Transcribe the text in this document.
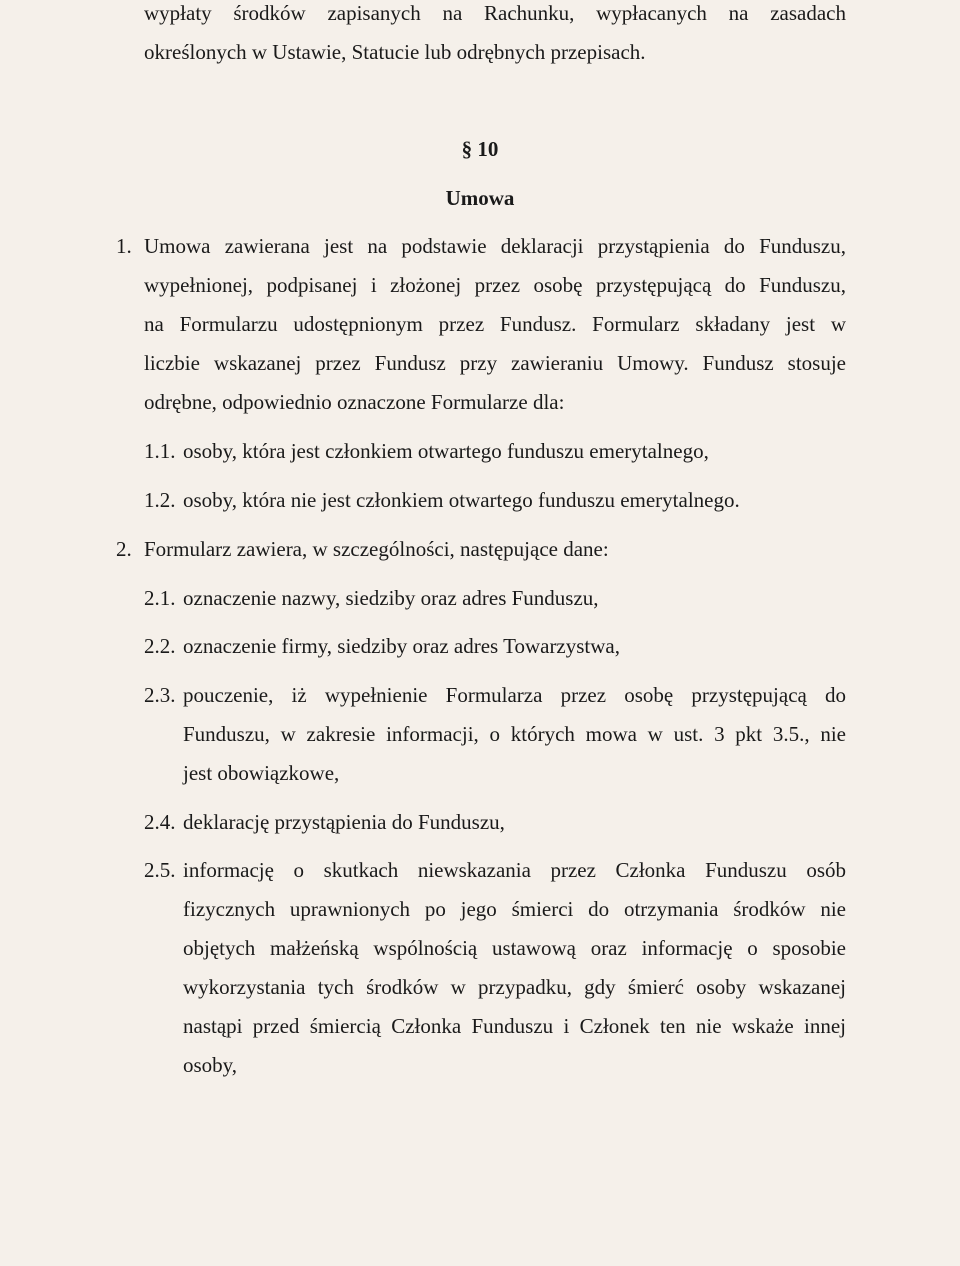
wypłaty środków zapisanych na Rachunku, wypłacanych na zasadach
określonych w Ustawie, Statucie lub odrębnych przepisach.
§ 10
Umowa
1. Umowa zawierana jest na podstawie deklaracji przystąpienia do Funduszu,
wypełnionej, podpisanej i złożonej przez osobę przystępującą do Funduszu,
na Formularzu udostępnionym przez Fundusz. Formularz składany jest w
liczbie wskazanej przez Fundusz przy zawieraniu Umowy. Fundusz stosuje
odrębne, odpowiednio oznaczone Formularze dla:
1.1. osoby, która jest członkiem otwartego funduszu emerytalnego,
1.2. osoby, która nie jest członkiem otwartego funduszu emerytalnego.
2. Formularz zawiera, w szczególności, następujące dane:
2.1. oznaczenie nazwy, siedziby oraz adres Funduszu,
2.2. oznaczenie firmy, siedziby oraz adres Towarzystwa,
2.3. pouczenie, iż wypełnienie Formularza przez osobę przystępującą do
Funduszu, w zakresie informacji, o których mowa w ust. 3 pkt 3.5., nie
jest obowiązkowe,
2.4. deklarację przystąpienia do Funduszu,
2.5. informację o skutkach niewskazania przez Członka Funduszu osób
fizycznych uprawnionych po jego śmierci do otrzymania środków nie
objętych małżeńską wspólnością ustawową oraz informację o sposobie
wykorzystania tych środków w przypadku, gdy śmierć osoby wskazanej
nastąpi przed śmiercią Członka Funduszu i Członek ten nie wskaże innej
osoby,
